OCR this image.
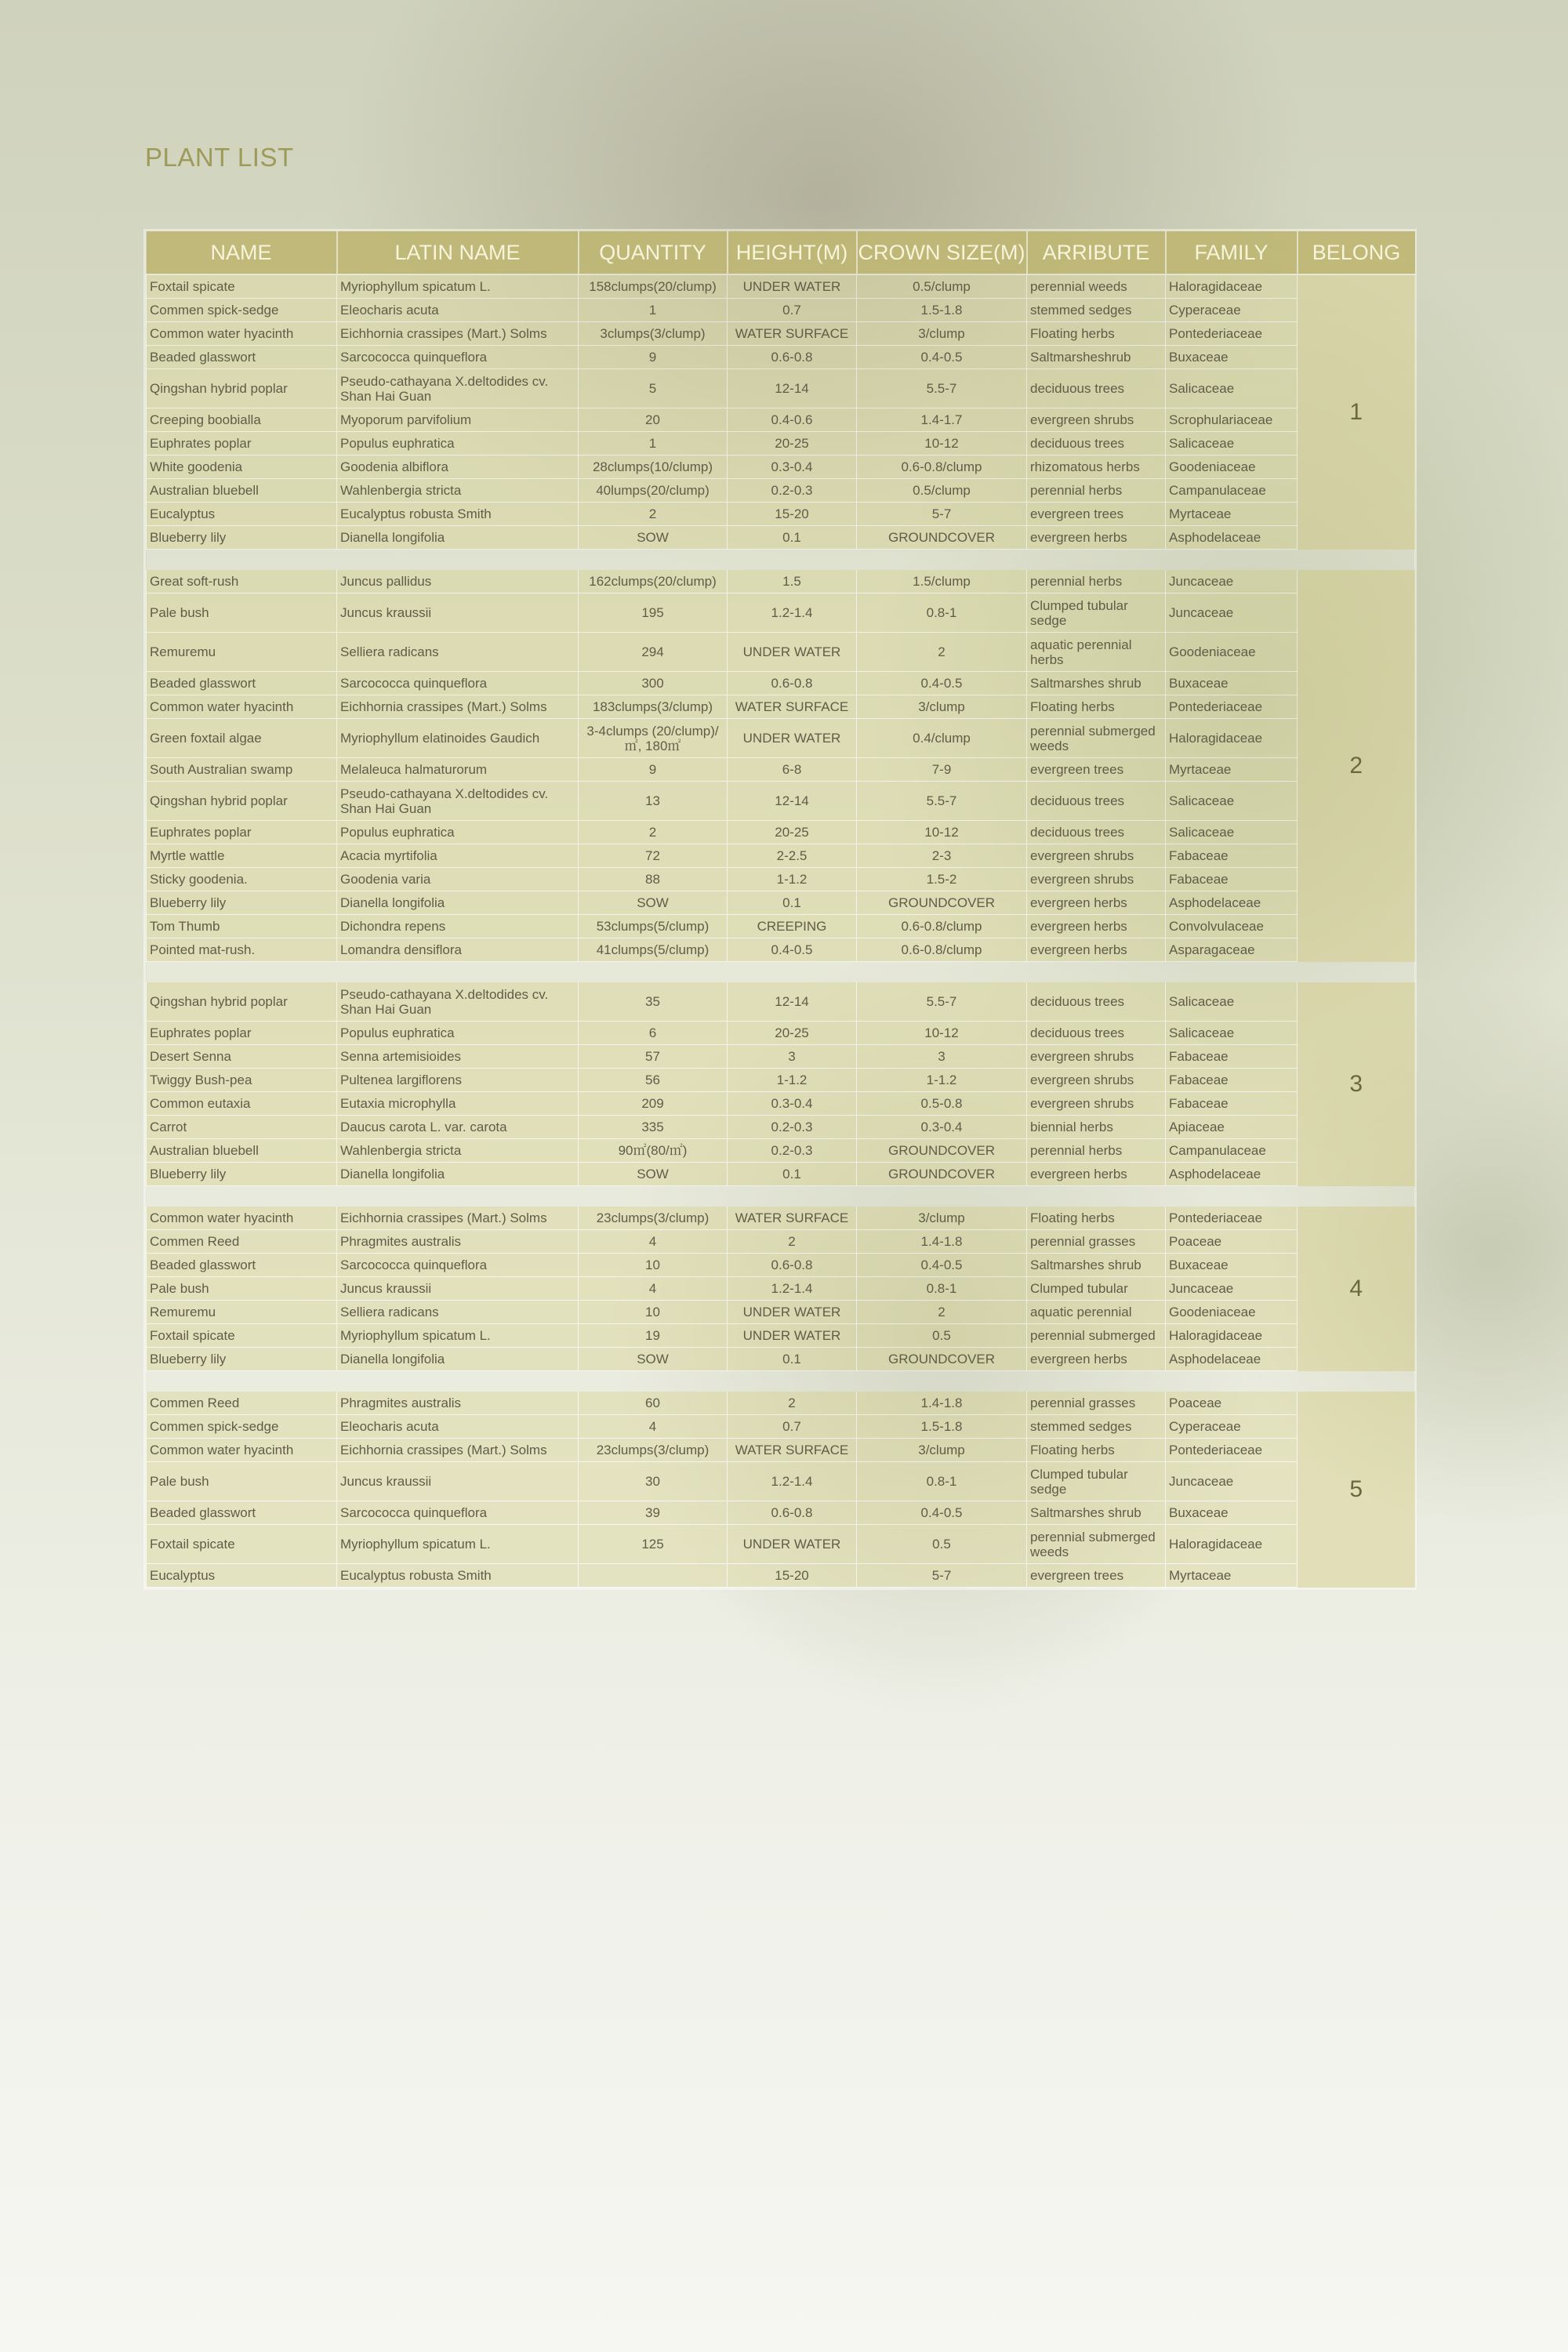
PLANT LIST
NAME	LATIN NAME	QUANTITY	HEIGHT(M)	CROWN SIZE(M)	ARRIBUTE	FAMILY	BELONG
Foxtail spicate	Myriophyllum spicatum L.	158clumps(20/clump)	UNDER WATER	0.5/clump	perennial weeds	Haloragidaceae	1
Commen spick-sedge	Eleocharis acuta	1	0.7	1.5-1.8	stemmed sedges	Cyperaceae	
Common water hyacinth	Eichhornia crassipes (Mart.) Solms	3clumps(3/clump)	WATER SURFACE	3/clump	Floating herbs	Pontederiaceae	
Beaded glasswort	Sarcococca quinqueflora	9	0.6-0.8	0.4-0.5	Saltmarsheshrub	Buxaceae	
Qingshan hybrid poplar	Pseudo-cathayana X.deltodides cv. Shan Hai Guan	5	12-14	5.5-7	deciduous trees	Salicaceae	
Creeping boobialla	Myoporum parvifolium	20	0.4-0.6	1.4-1.7	evergreen shrubs	Scrophulariaceae	
Euphrates poplar	Populus euphratica	1	20-25	10-12	deciduous trees	Salicaceae	
White goodenia	Goodenia albiflora	28clumps(10/clump)	0.3-0.4	0.6-0.8/clump	rhizomatous herbs	Goodeniaceae	
Australian bluebell	Wahlenbergia stricta	40lumps(20/clump)	0.2-0.3	0.5/clump	perennial herbs	Campanulaceae	
Eucalyptus	Eucalyptus robusta Smith	2	15-20	5-7	evergreen trees	Myrtaceae	
Blueberry lily	Dianella longifolia	SOW	0.1	GROUNDCOVER	evergreen herbs	Asphodelaceae	

Great soft-rush	Juncus pallidus	162clumps(20/clump)	1.5	1.5/clump	perennial herbs	Juncaceae	2
Pale bush	Juncus kraussii	195	1.2-1.4	0.8-1	Clumped tubular sedge	Juncaceae	
Remuremu	Selliera radicans	294	UNDER WATER	2	aquatic perennial herbs	Goodeniaceae	
Beaded glasswort	Sarcococca quinqueflora	300	0.6-0.8	0.4-0.5	Saltmarshes shrub	Buxaceae	
Common water hyacinth	Eichhornia crassipes (Mart.) Solms	183clumps(3/clump)	WATER SURFACE	3/clump	Floating herbs	Pontederiaceae	
Green foxtail algae	Myriophyllum elatinoides Gaudich	3-4clumps (20/clump)/㎡, 180㎡	UNDER WATER	0.4/clump	perennial submerged weeds	Haloragidaceae	
South Australian swamp	Melaleuca halmaturorum	9	6-8	7-9	evergreen trees	Myrtaceae	
Qingshan hybrid poplar	Pseudo-cathayana X.deltodides cv. Shan Hai Guan	13	12-14	5.5-7	deciduous trees	Salicaceae	
Euphrates poplar	Populus euphratica	2	20-25	10-12	deciduous trees	Salicaceae	
Myrtle wattle	Acacia myrtifolia	72	2-2.5	2-3	evergreen shrubs	Fabaceae	
Sticky goodenia.	Goodenia varia	88	1-1.2	1.5-2	evergreen shrubs	Fabaceae	
Blueberry lily	Dianella longifolia	SOW	0.1	GROUNDCOVER	evergreen herbs	Asphodelaceae	
Tom Thumb	Dichondra repens	53clumps(5/clump)	CREEPING	0.6-0.8/clump	evergreen herbs	Convolvulaceae	
Pointed mat-rush.	Lomandra densiflora	41clumps(5/clump)	0.4-0.5	0.6-0.8/clump	evergreen herbs	Asparagaceae	

Qingshan hybrid poplar	Pseudo-cathayana X.deltodides cv. Shan Hai Guan	35	12-14	5.5-7	deciduous trees	Salicaceae	3
Euphrates poplar	Populus euphratica	6	20-25	10-12	deciduous trees	Salicaceae	
Desert Senna	Senna artemisioides	57	3	3	evergreen shrubs	Fabaceae	
Twiggy Bush-pea	Pultenea largiflorens	56	1-1.2	1-1.2	evergreen shrubs	Fabaceae	
Common eutaxia	Eutaxia microphylla	209	0.3-0.4	0.5-0.8	evergreen shrubs	Fabaceae	
Carrot	Daucus carota L. var. carota	335	0.2-0.3	0.3-0.4	biennial herbs	Apiaceae	
Australian bluebell	Wahlenbergia stricta	90㎡(80/㎡)	0.2-0.3	GROUNDCOVER	perennial herbs	Campanulaceae	
Blueberry lily	Dianella longifolia	SOW	0.1	GROUNDCOVER	evergreen herbs	Asphodelaceae	

Common water hyacinth	Eichhornia crassipes (Mart.) Solms	23clumps(3/clump)	WATER SURFACE	3/clump	Floating herbs	Pontederiaceae	4
Commen Reed	Phragmites australis	4	2	1.4-1.8	perennial grasses	Poaceae	
Beaded glasswort	Sarcococca quinqueflora	10	0.6-0.8	0.4-0.5	Saltmarshes shrub	Buxaceae	
Pale bush	Juncus kraussii	4	1.2-1.4	0.8-1	Clumped tubular	Juncaceae	
Remuremu	Selliera radicans	10	UNDER WATER	2	aquatic perennial	Goodeniaceae	
Foxtail spicate	Myriophyllum spicatum L.	19	UNDER WATER	0.5	perennial submerged	Haloragidaceae	
Blueberry lily	Dianella longifolia	SOW	0.1	GROUNDCOVER	evergreen herbs	Asphodelaceae	

Commen Reed	Phragmites australis	60	2	1.4-1.8	perennial grasses	Poaceae	5
Commen spick-sedge	Eleocharis acuta	4	0.7	1.5-1.8	stemmed sedges	Cyperaceae	
Common water hyacinth	Eichhornia crassipes (Mart.) Solms	23clumps(3/clump)	WATER SURFACE	3/clump	Floating herbs	Pontederiaceae	
Pale bush	Juncus kraussii	30	1.2-1.4	0.8-1	Clumped tubular sedge	Juncaceae	
Beaded glasswort	Sarcococca quinqueflora	39	0.6-0.8	0.4-0.5	Saltmarshes shrub	Buxaceae	
Foxtail spicate	Myriophyllum spicatum L.	125	UNDER WATER	0.5	perennial submerged weeds	Haloragidaceae	
Eucalyptus	Eucalyptus robusta Smith		15-20	5-7	evergreen trees	Myrtaceae	
